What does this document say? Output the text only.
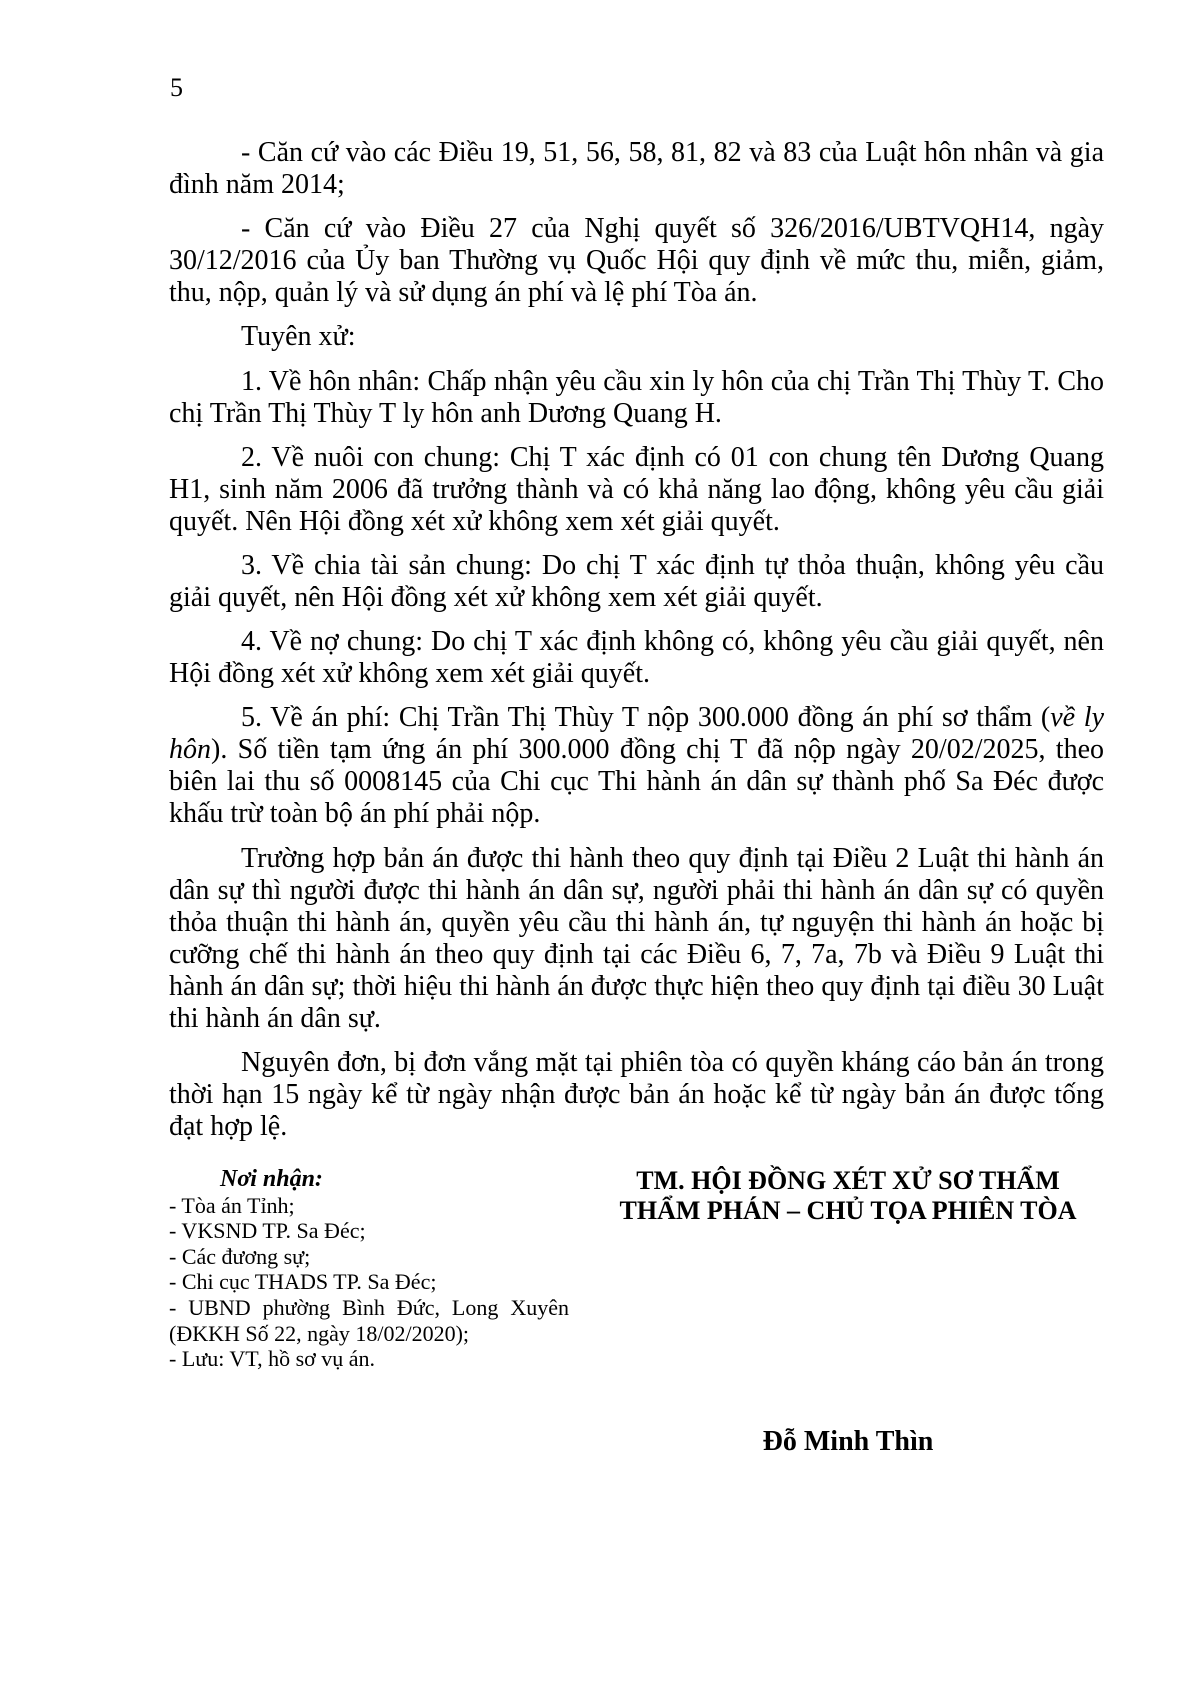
5
- Căn cứ vào các Điều 19, 51, 56, 58, 81, 82 và 83 của Luật hôn nhân và gia
đình năm 2014;
- Căn cứ vào Điều 27 của Nghị quyết số 326/2016/UBTVQH14, ngày
30/12/2016 của Ủy ban Thường vụ Quốc Hội quy định về mức thu, miễn, giảm,
thu, nộp, quản lý và sử dụng án phí và lệ phí Tòa án.
Tuyên xử:
1. Về hôn nhân: Chấp nhận yêu cầu xin ly hôn của chị Trần Thị Thùy T. Cho
chị Trần Thị Thùy T ly hôn anh Dương Quang H.
2. Về nuôi con chung: Chị T xác định có 01 con chung tên Dương Quang
H1, sinh năm 2006 đã trưởng thành và có khả năng lao động, không yêu cầu giải
quyết. Nên Hội đồng xét xử không xem xét giải quyết.
3. Về chia tài sản chung: Do chị T xác định tự thỏa thuận, không yêu cầu
giải quyết, nên Hội đồng xét xử không xem xét giải quyết.
4. Về nợ chung: Do chị T xác định không có, không yêu cầu giải quyết, nên
Hội đồng xét xử không xem xét giải quyết.
5. Về án phí: Chị Trần Thị Thùy T nộp 300.000 đồng án phí sơ thẩm (về ly
hôn). Số tiền tạm ứng án phí 300.000 đồng chị T đã nộp ngày 20/02/2025, theo
biên lai thu số 0008145 của Chi cục Thi hành án dân sự thành phố Sa Đéc được
khấu trừ toàn bộ án phí phải nộp.
Trường hợp bản án được thi hành theo quy định tại Điều 2 Luật thi hành án
dân sự thì người được thi hành án dân sự, người phải thi hành án dân sự có quyền
thỏa thuận thi hành án, quyền yêu cầu thi hành án, tự nguyện thi hành án hoặc bị
cưỡng chế thi hành án theo quy định tại các Điều 6, 7, 7a, 7b và Điều 9 Luật thi
hành án dân sự; thời hiệu thi hành án được thực hiện theo quy định tại điều 30 Luật
thi hành án dân sự.
Nguyên đơn, bị đơn vắng mặt tại phiên tòa có quyền kháng cáo bản án trong
thời hạn 15 ngày kể từ ngày nhận được bản án hoặc kể từ ngày bản án được tống
đạt hợp lệ.
Nơi nhận:
- Tòa án Tỉnh;
- VKSND TP. Sa Đéc;
- Các đương sự;
- Chi cục THADS TP. Sa Đéc;
- UBND phường Bình Đức, Long Xuyên (ĐKKH Số 22, ngày 18/02/2020);
- Lưu: VT, hồ sơ vụ án.
TM. HỘI ĐỒNG XÉT XỬ SƠ THẨM
THẨM PHÁN – CHỦ TỌA PHIÊN TÒA
Đỗ Minh Thìn
